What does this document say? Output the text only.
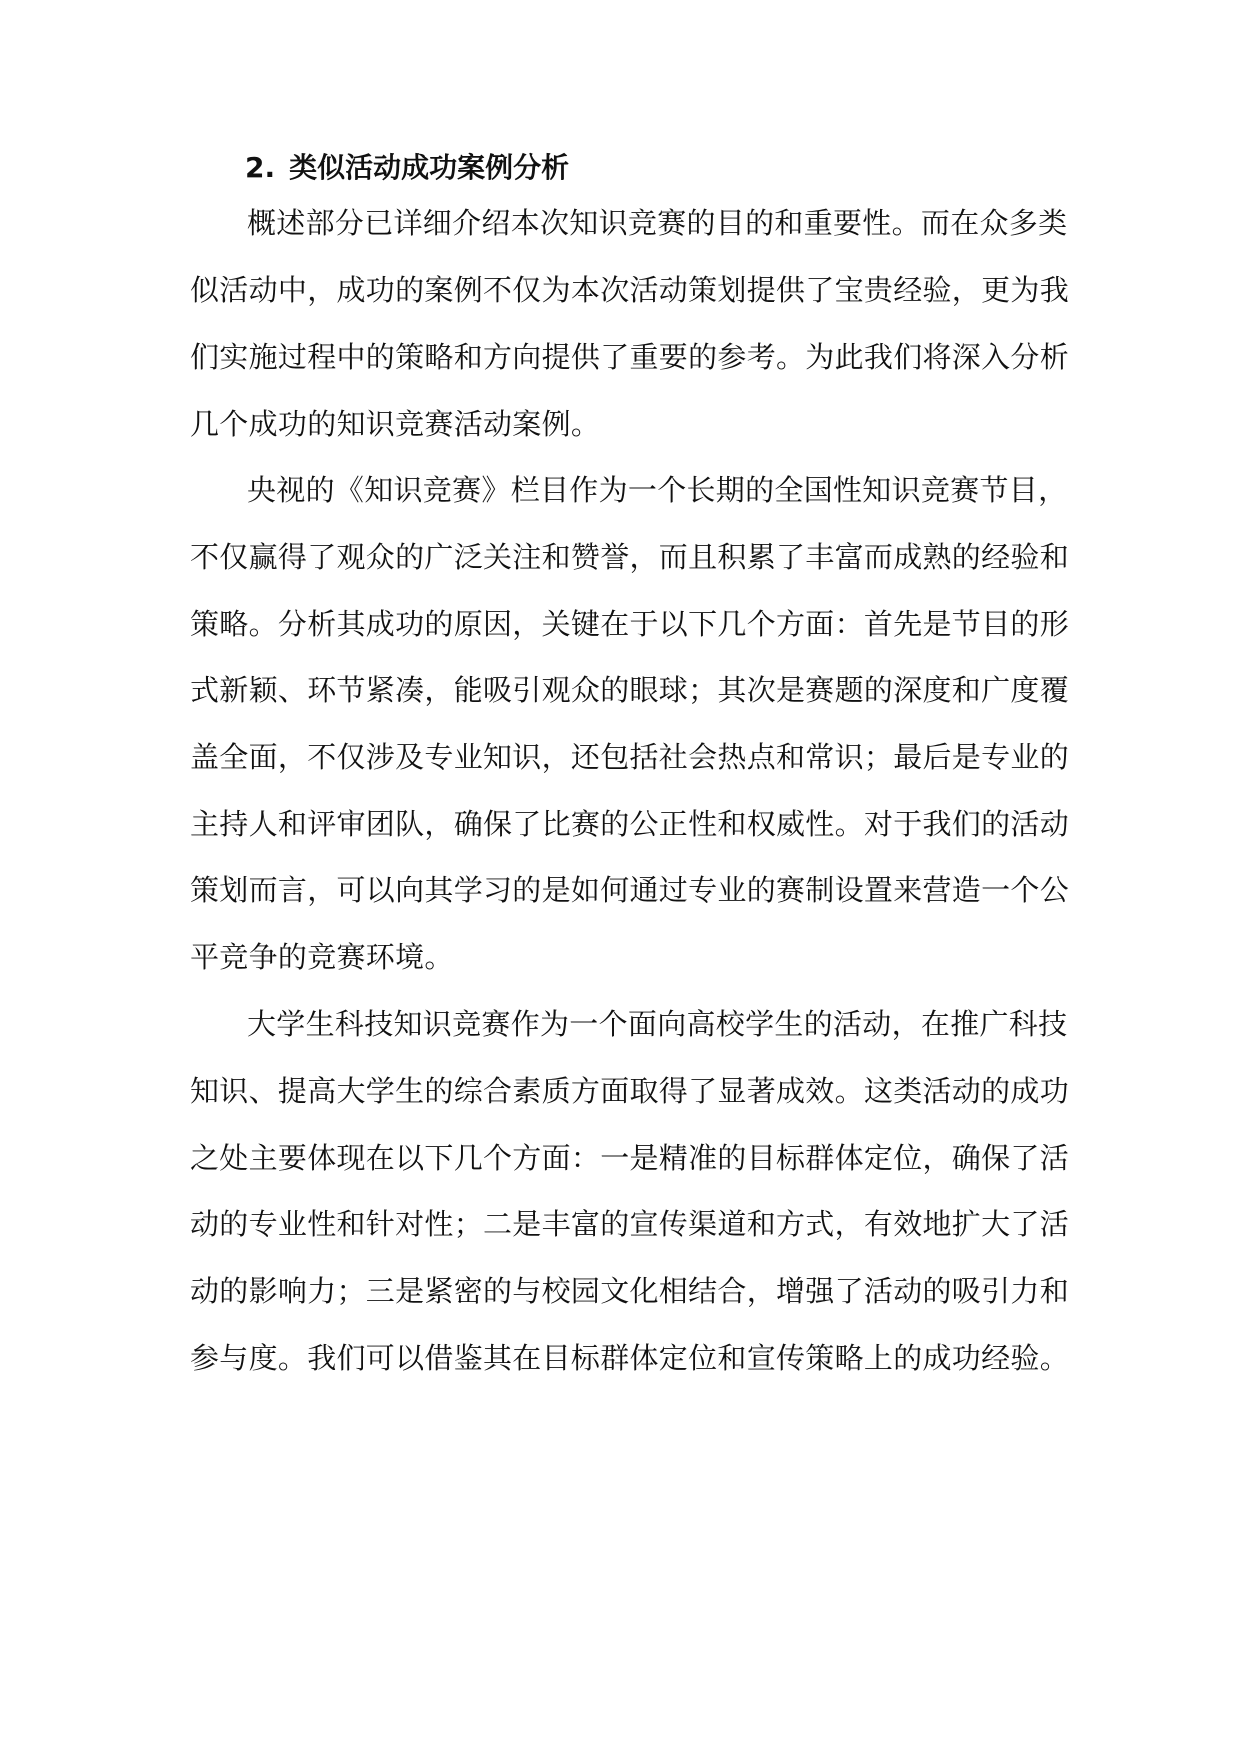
2. 类似活动成功案例分析
概述部分已详细介绍本次知识竞赛的目的和重要性。而在众多类
似活动中，成功的案例不仅为本次活动策划提供了宝贵经验，更为我
们实施过程中的策略和方向提供了重要的参考。为此我们将深入分析
几个成功的知识竞赛活动案例。
央视的《知识竞赛》栏目作为一个长期的全国性知识竞赛节目，
不仅赢得了观众的广泛关注和赞誉，而且积累了丰富而成熟的经验和
策略。分析其成功的原因，关键在于以下几个方面：首先是节目的形
式新颖、环节紧凑，能吸引观众的眼球；其次是赛题的深度和广度覆
盖全面，不仅涉及专业知识，还包括社会热点和常识；最后是专业的
主持人和评审团队，确保了比赛的公正性和权威性。对于我们的活动
策划而言，可以向其学习的是如何通过专业的赛制设置来营造一个公
平竞争的竞赛环境。
大学生科技知识竞赛作为一个面向高校学生的活动，在推广科技
知识、提高大学生的综合素质方面取得了显著成效。这类活动的成功
之处主要体现在以下几个方面：一是精准的目标群体定位，确保了活
动的专业性和针对性；二是丰富的宣传渠道和方式，有效地扩大了活
动的影响力；三是紧密的与校园文化相结合，增强了活动的吸引力和
参与度。我们可以借鉴其在目标群体定位和宣传策略上的成功经验。
